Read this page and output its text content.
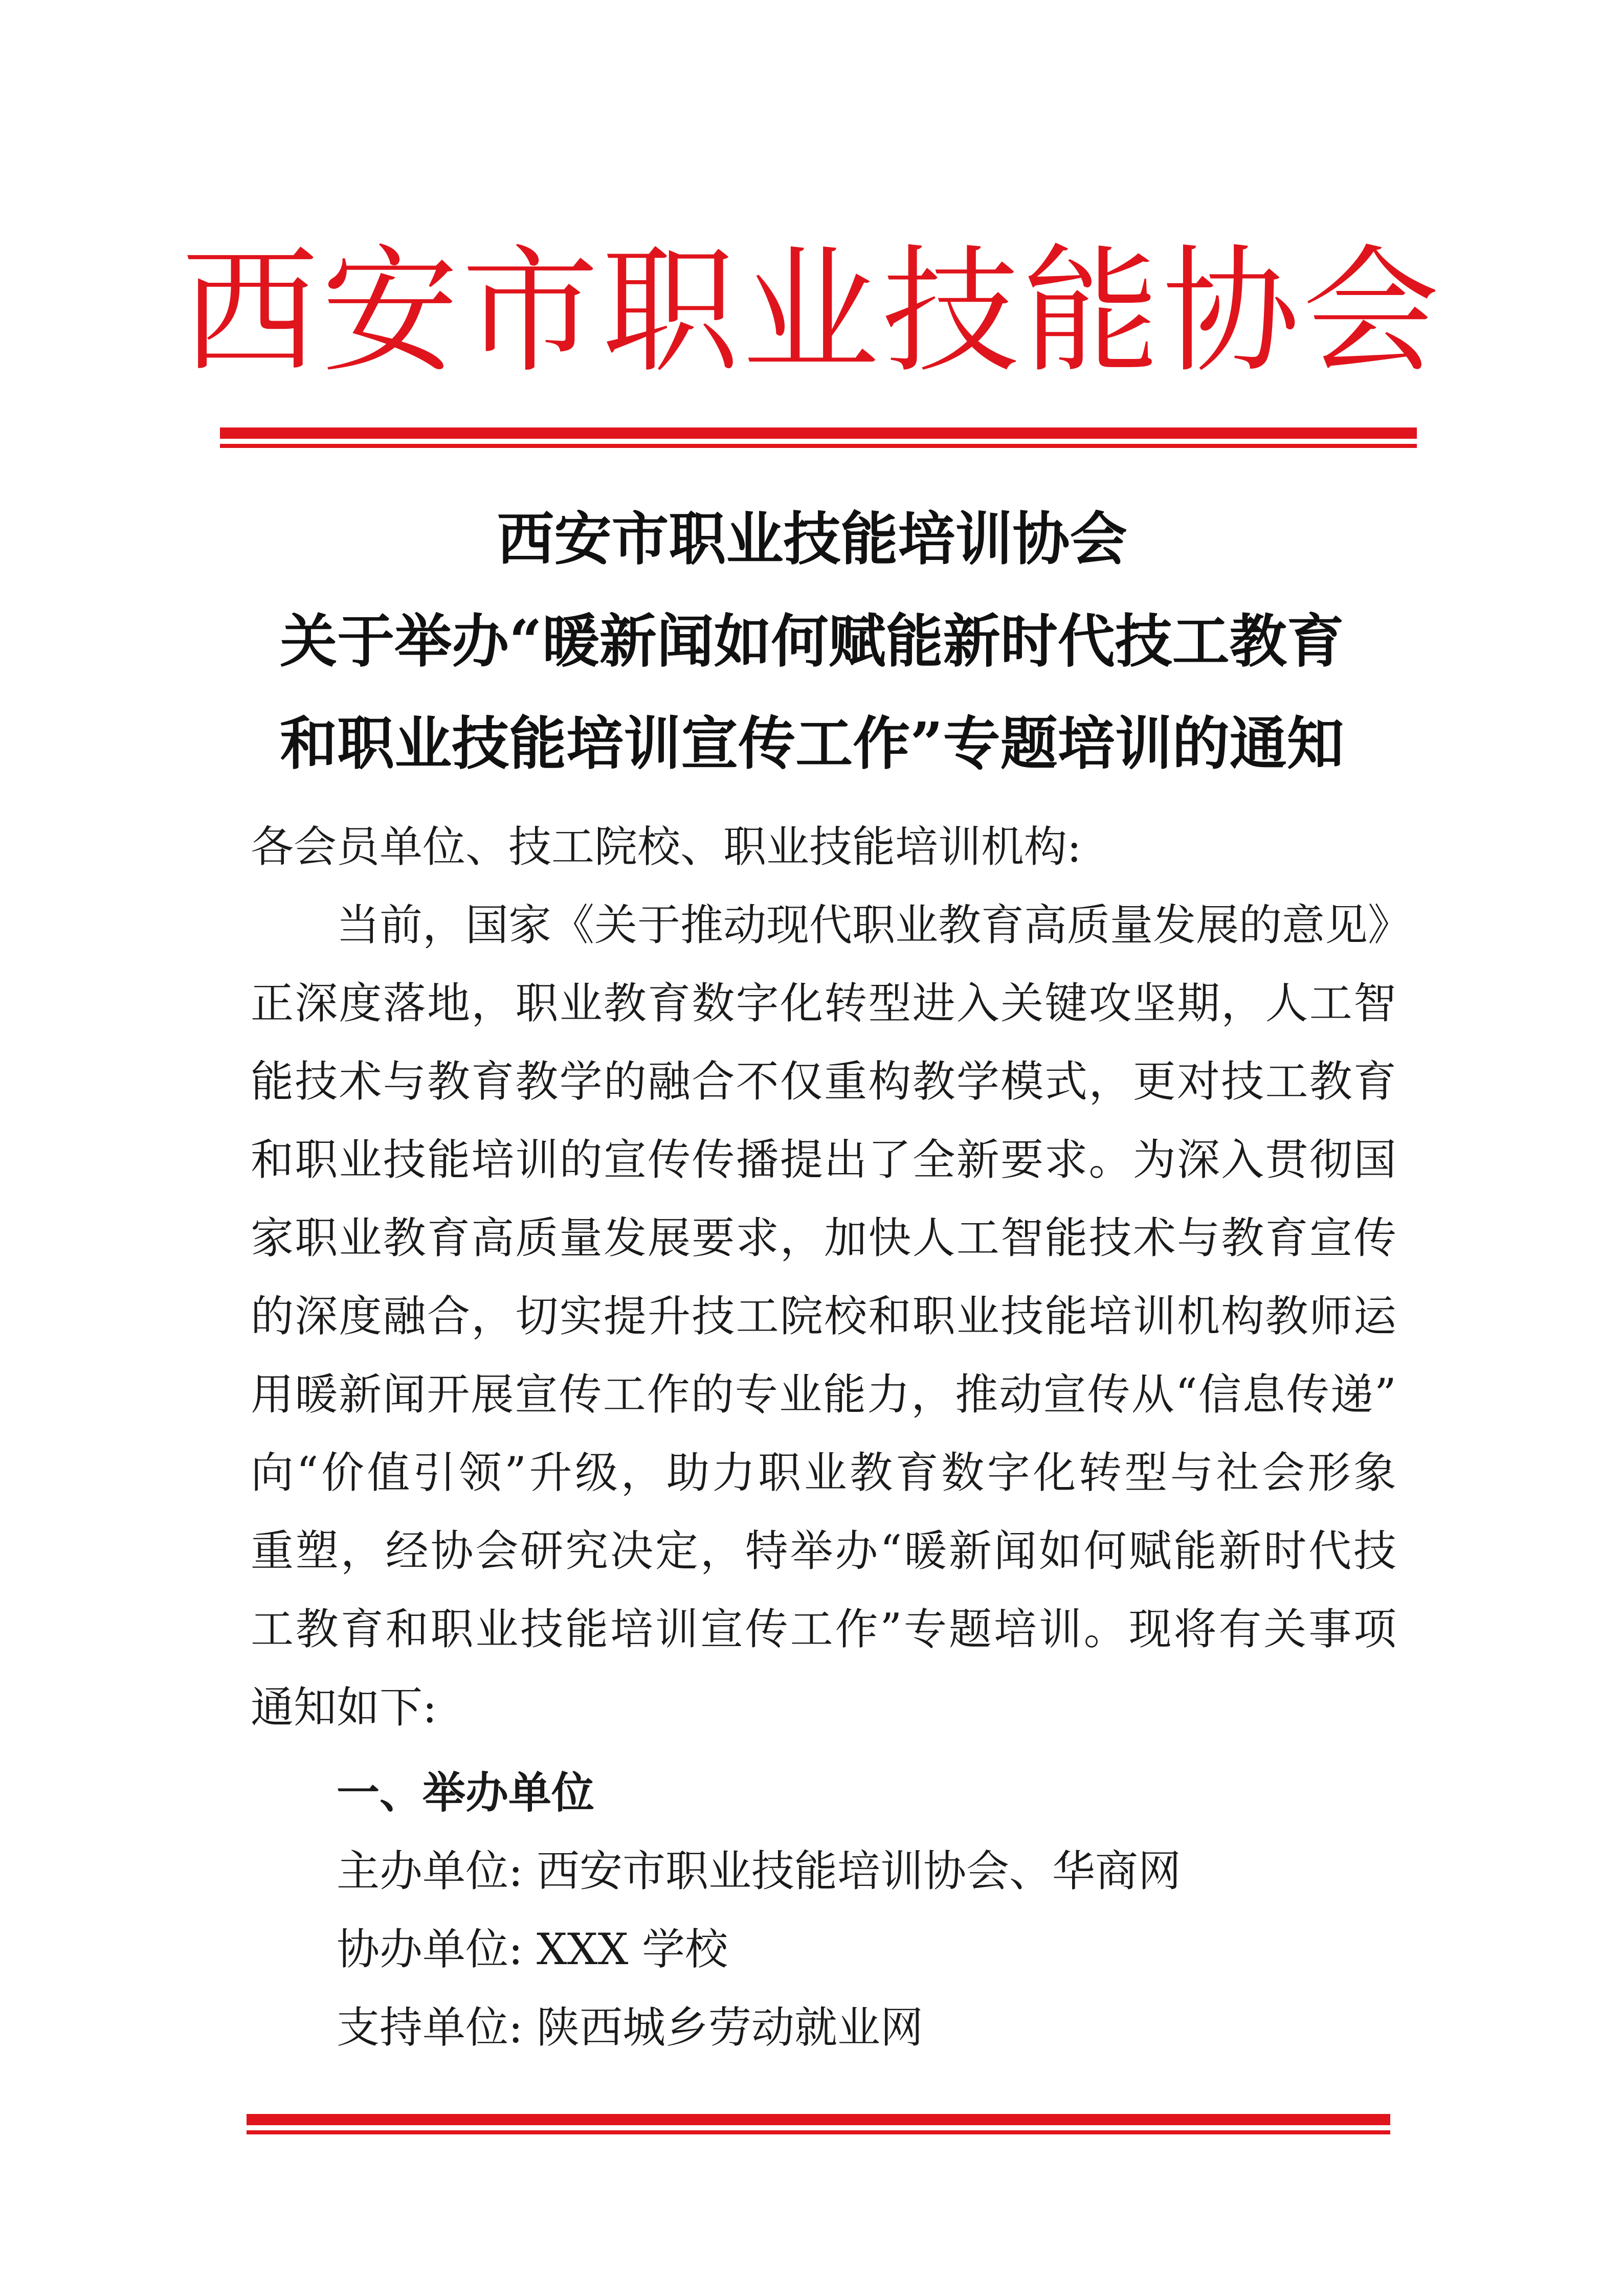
西安市职业技能协会
西安市职业技能培训协会
关于举办“暖新闻如何赋能新时代技工教育
和职业技能培训宣传工作”专题培训的通知
各会员单位、技工院校、职业技能培训机构:
　　当前，国家《关于推动现代职业教育高质量发展的意见》
正深度落地，职业教育数字化转型进入关键攻坚期，人工智
能技术与教育教学的融合不仅重构教学模式，更对技工教育
和职业技能培训的宣传传播提出了全新要求。为深入贯彻国
家职业教育高质量发展要求，加快人工智能技术与教育宣传
的深度融合，切实提升技工院校和职业技能培训机构教师运
用暖新闻开展宣传工作的专业能力，推动宣传从“信息传递”
向“价值引领”升级，助力职业教育数字化转型与社会形象
重塑，经协会研究决定，特举办“暖新闻如何赋能新时代技
工教育和职业技能培训宣传工作”专题培训。现将有关事项
通知如下:
一、举办单位
主办单位: 西安市职业技能培训协会、华商网
协办单位: XXX 学校
支持单位: 陕西城乡劳动就业网
